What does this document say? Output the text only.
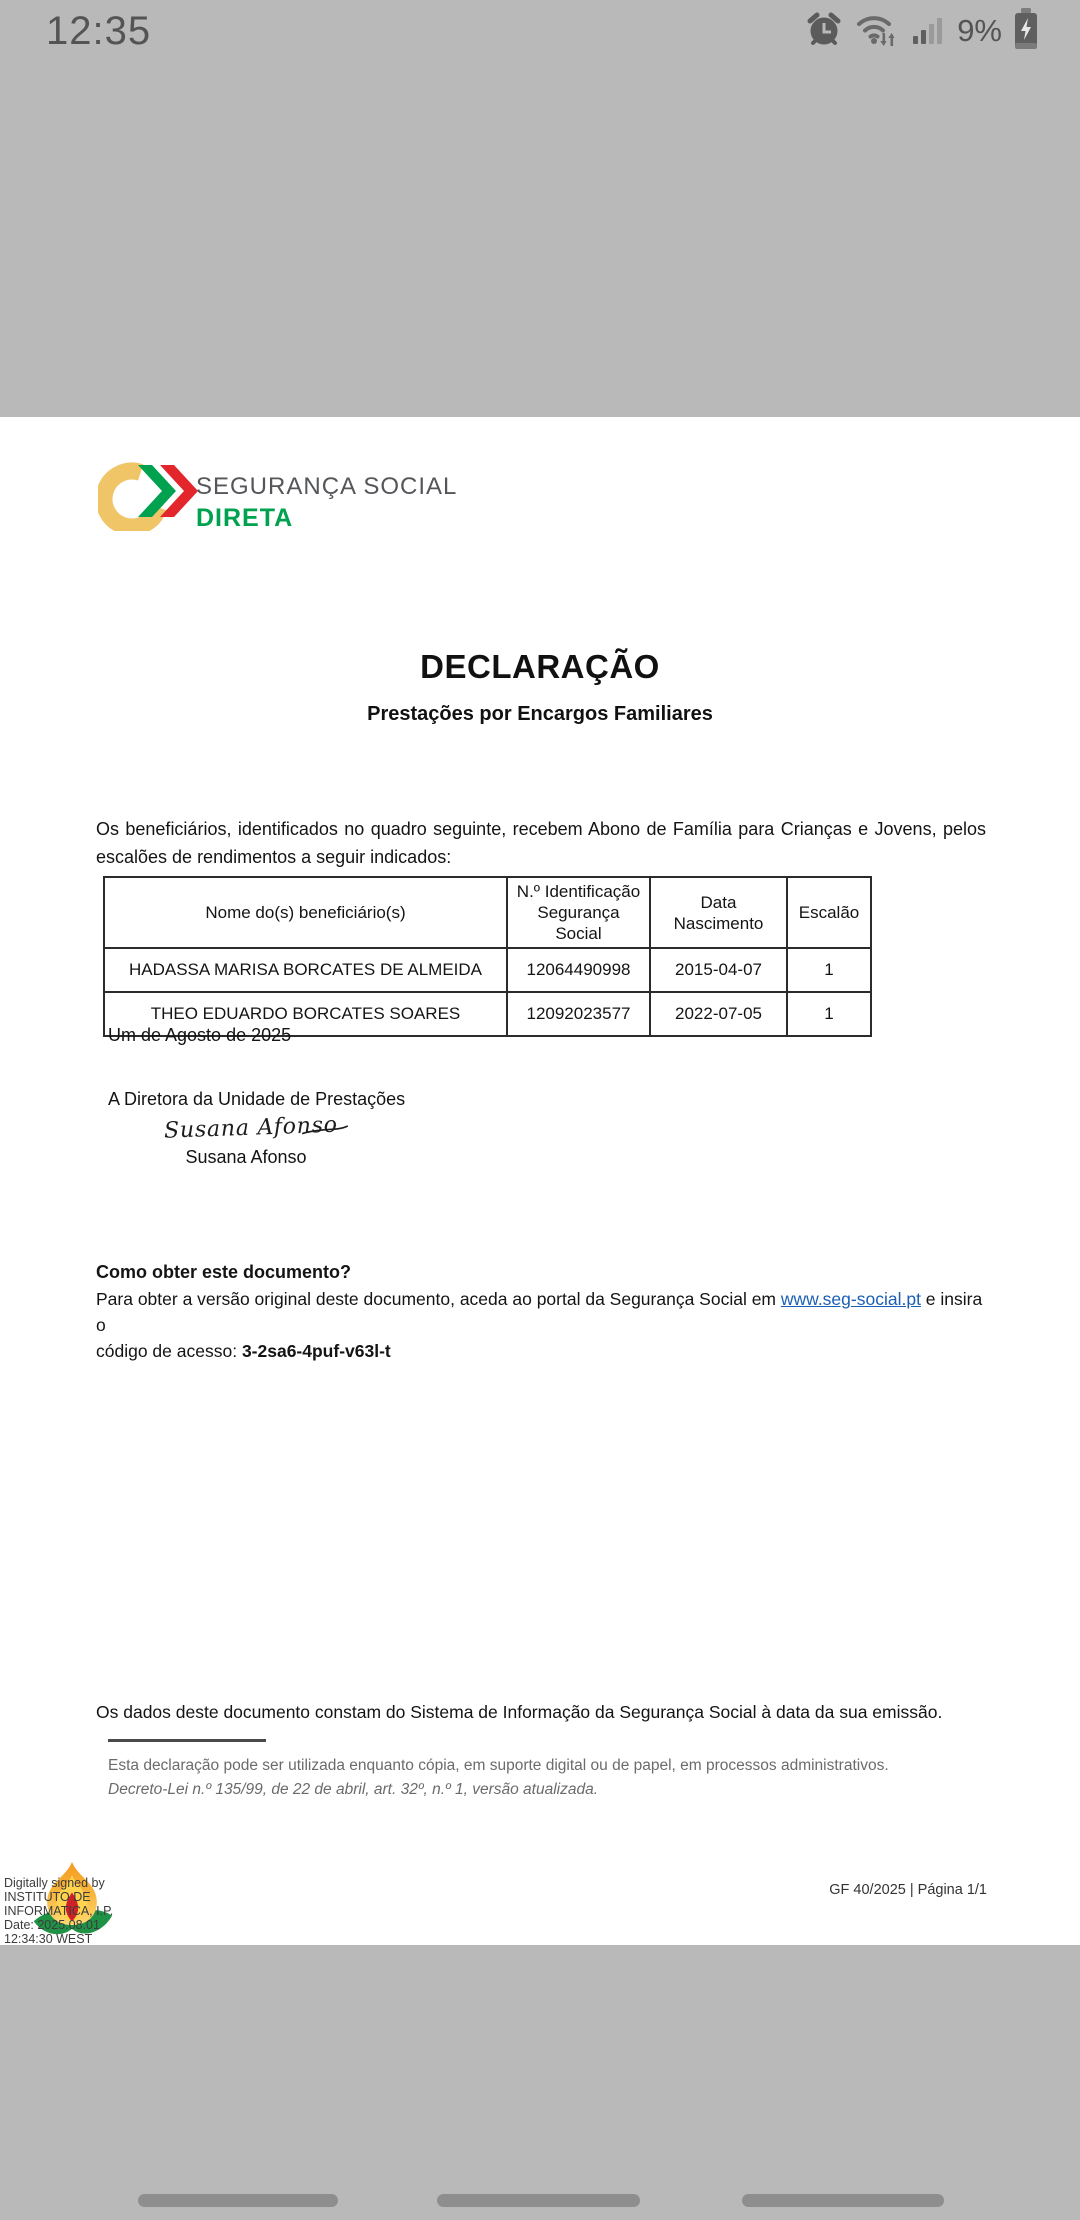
12:35	9%
SEGURANÇA SOCIAL
DIRETA
DECLARAÇÃO
Prestações por Encargos Familiares

Os beneficiários, identificados no quadro seguinte, recebem Abono de Família para Crianças e Jovens, pelos escalões de rendimentos a seguir indicados:

Nome do(s) beneficiário(s)	N.º Identificação Segurança Social	Data Nascimento	Escalão
HADASSA MARISA BORCATES DE ALMEIDA	12064490998	2015-04-07	1
THEO EDUARDO BORCATES SOARES	12092023577	2022-07-05	1
Um de Agosto de 2025
A Diretora da Unidade de Prestações
Susana Afonso
Susana Afonso
Como obter este documento?

Para obter a versão original deste documento, aceda ao portal da Segurança Social em www.seg-social.pt e insira o
código de acesso: 3-2sa6-4puf-v63l-t

Os dados deste documento constam do Sistema de Informação da Segurança Social à data da sua emissão.
Esta declaração pode ser utilizada enquanto cópia, em suporte digital ou de papel, em processos administrativos.
Decreto-Lei n.º 135/99, de 22 de abril, art. 32º, n.º 1, versão atualizada.
Digitally signed by
INSTITUTO DE
INFORMATICA, I.P.
Date: 2025.08.01
12:34:30 WEST
GF 40/2025 | Página 1/1
